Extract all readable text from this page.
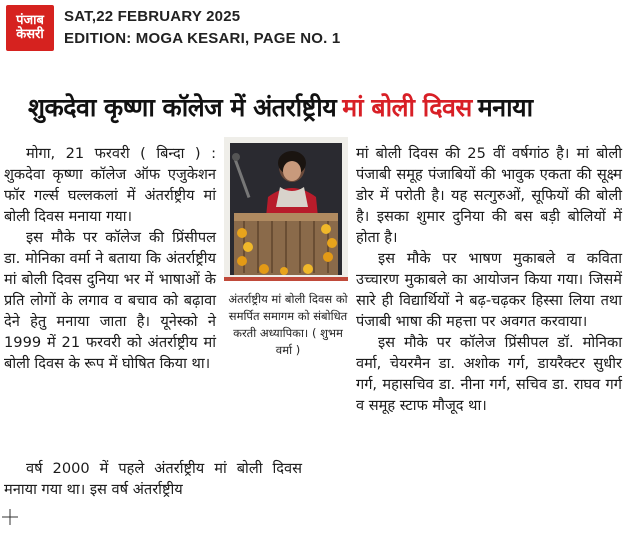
पंजाब
केसरी
SAT,22 FEBRUARY 2025
EDITION: MOGA KESARI, PAGE NO. 1
शुकदेवा कृष्णा कॉलेज में अंतर्राष्ट्रीय मां बोली दिवस मनाया

मोगा, 21 फरवरी ( बिन्दा ) : शुकदेवा कृष्णा कॉलेज ऑफ एजुकेशन फॉर गर्ल्स घल्लकलां में अंतर्राष्ट्रीय मां बोली दिवस मनाया गया।

इस मौके पर कॉलेज की प्रिंसीपल डा. मोनिका वर्मा ने बताया कि अंतर्राष्ट्रीय मां बोली दिवस दुनिया भर में भाषाओं के प्रति लोगों के लगाव व बचाव को बढ़ावा देने हेतु मनाया जाता है। यूनेस्को ने 1999 में 21 फरवरी को अंतर्राष्ट्रीय मां बोली दिवस के रूप में घोषित किया था।

वर्ष 2000 में पहले अंतर्राष्ट्रीय मां बोली दिवस मनाया गया था। इस वर्ष अंतर्राष्ट्रीय

अंतर्राष्ट्रीय मां बोली दिवस को समर्पित समागम को संबोधित करती अध्यापिका। ( शुभम वर्मा )

मां बोली दिवस की 25 वीं वर्षगांठ है। मां बोली पंजाबी समूह पंजाबियों की भावुक एकता की सूक्ष्म डोर में परोती है। यह सत्गुरुओं, सूफियों की बोली है। इसका शुमार दुनिया की बस बड़ी बोलियों में होता है।

इस मौके पर भाषण मुकाबले व कविता उच्चारण मुकाबले का आयोजन किया गया। जिसमें सारे ही विद्यार्थियों ने बढ़-चढ़कर हिस्सा लिया तथा पंजाबी भाषा की महत्ता पर अवगत करवाया।

इस मौके पर कॉलेज प्रिंसीपल डॉ. मोनिका वर्मा, चेयरमैन डा. अशोक गर्ग, डायरैक्टर सुधीर गर्ग, महासचिव डा. नीना गर्ग, सचिव डा. राघव गर्ग व समूह स्टाफ मौजूद था।
